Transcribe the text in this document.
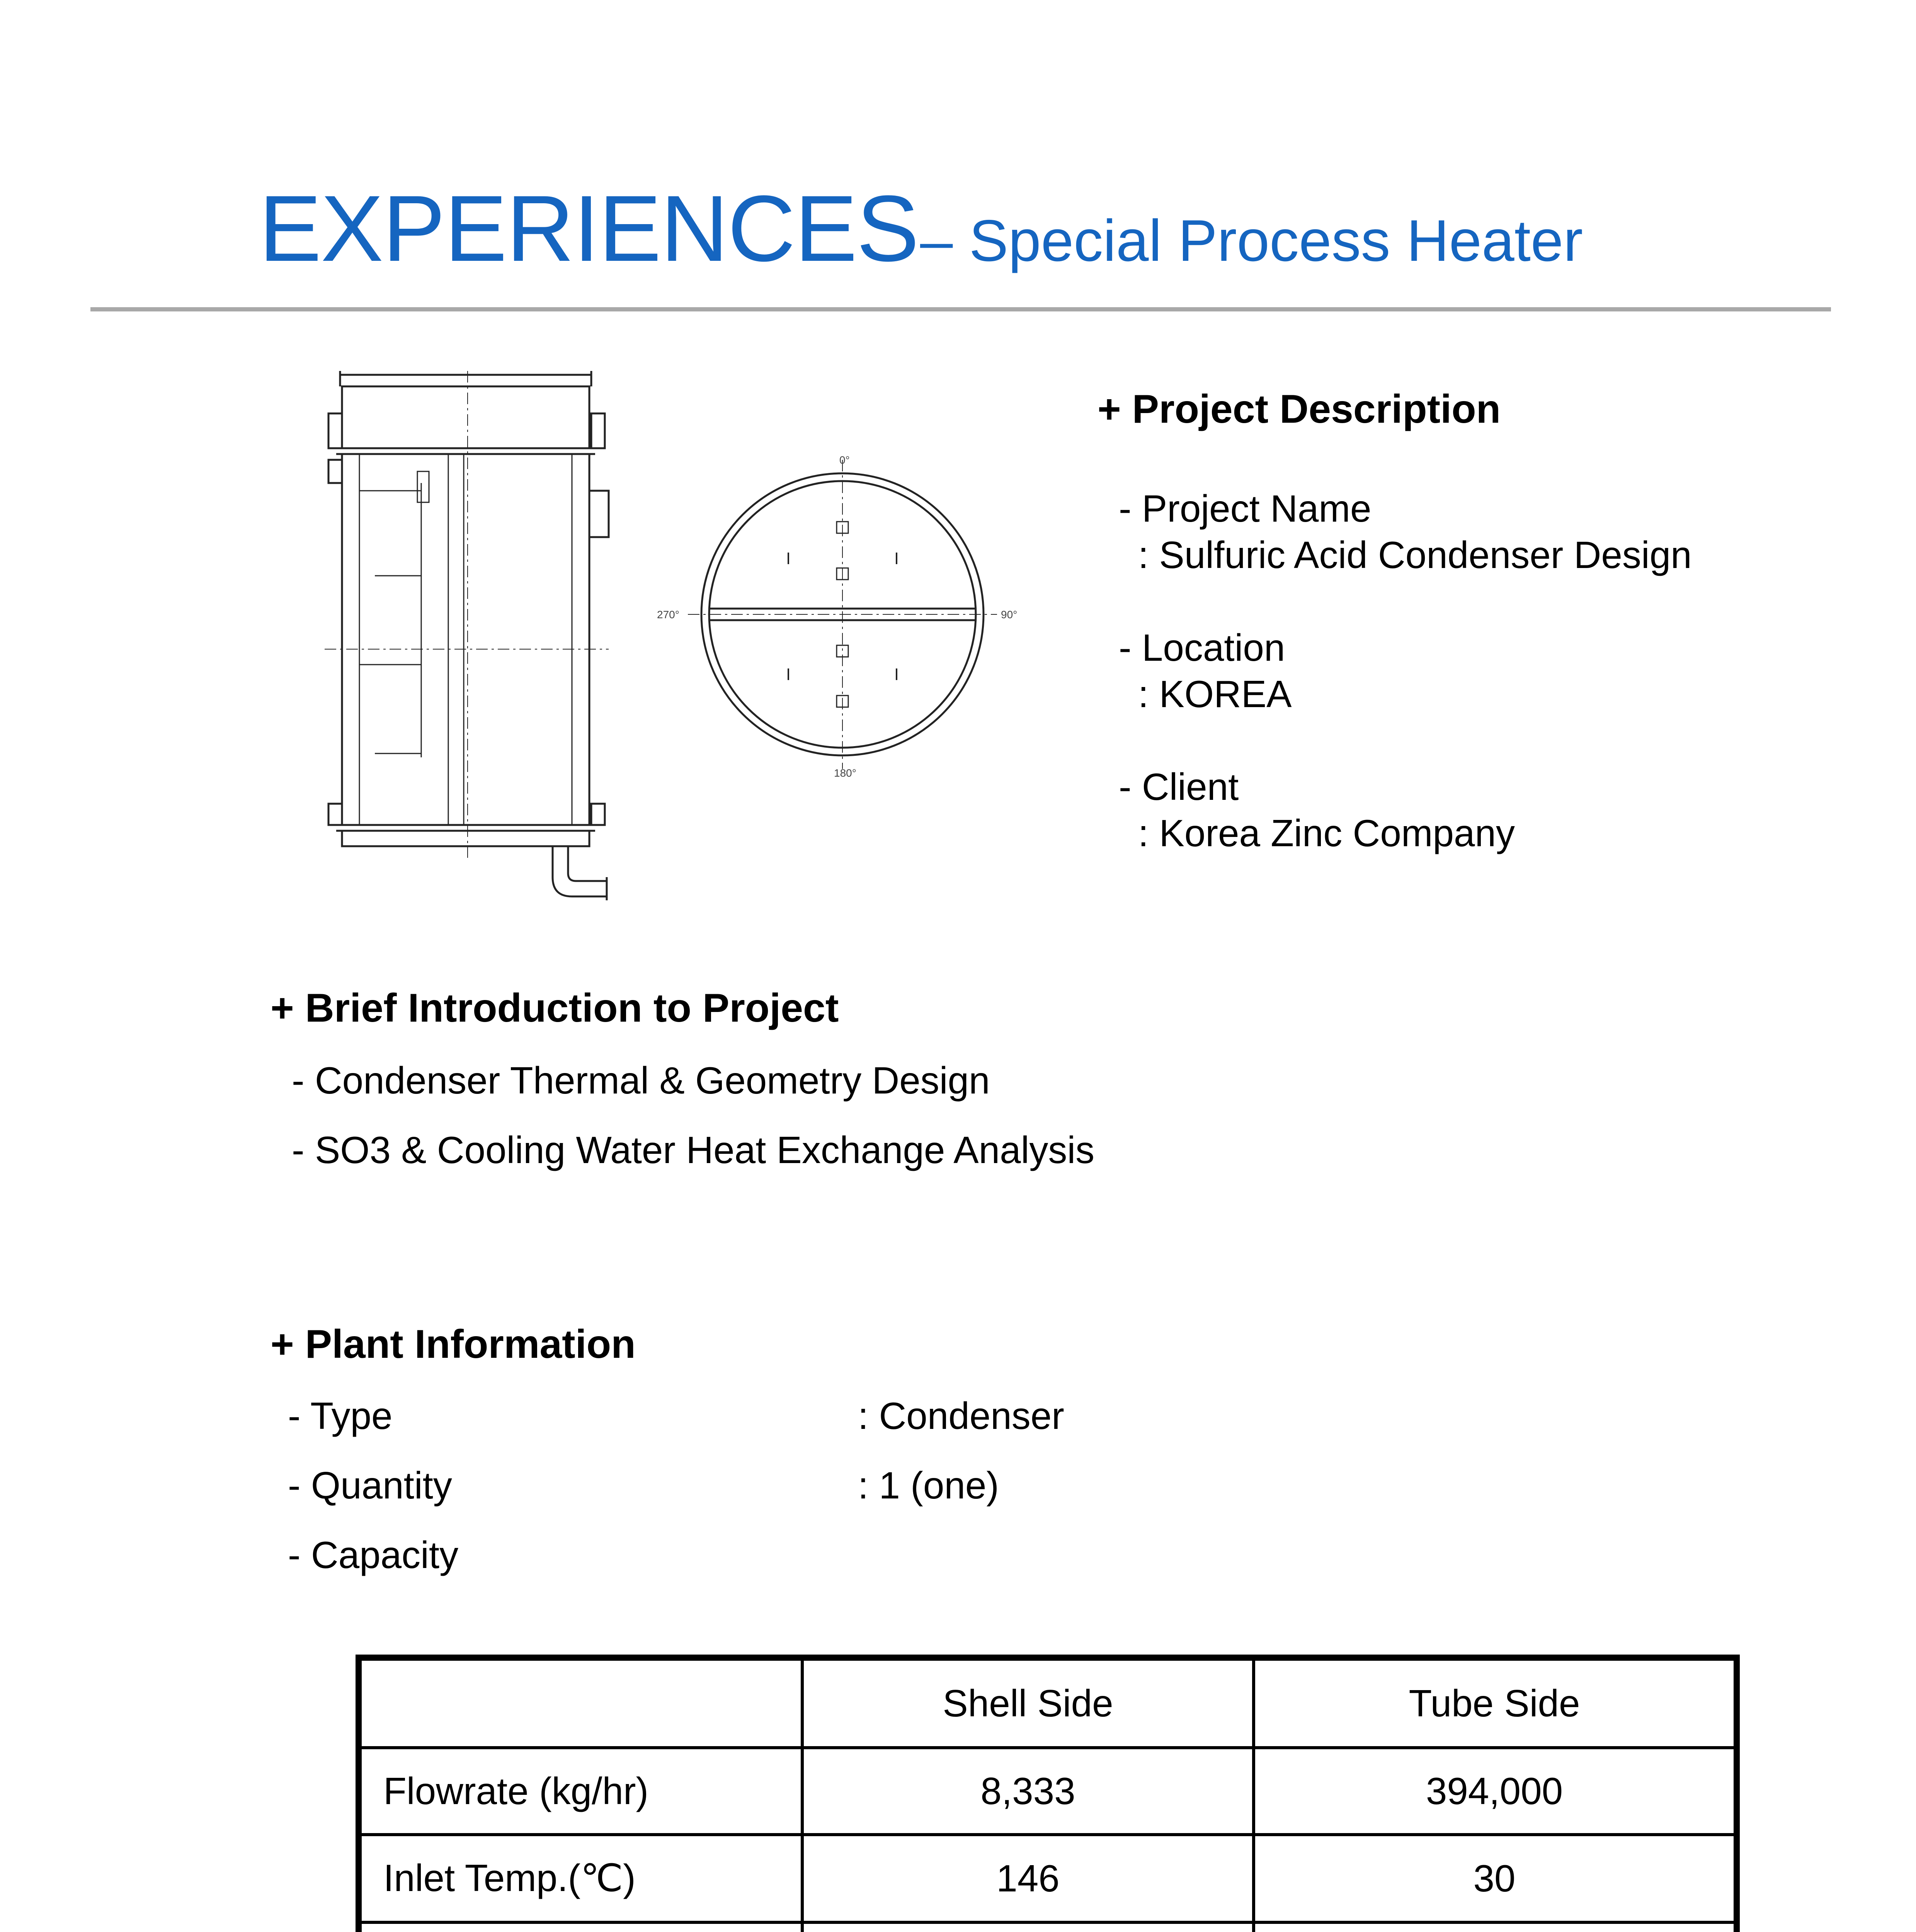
EXPERIENCES – Special Process Heater
0°
270°	90°
180°
+ Project Description
- Project Name
: Sulfuric Acid Condenser Design
- Location
: KOREA
- Client
: Korea Zinc Company
+ Brief Introduction to Project
- Condenser Thermal & Geometry Design
- SO3 & Cooling Water Heat Exchange Analysis
+ Plant Information
- Type	: Condenser
- Quantity	: 1 (one)
- Capacity
	Shell Side	Tube Side
Flowrate (kg/hr)	8,333	394,000
Inlet Temp.(℃)	146	30
